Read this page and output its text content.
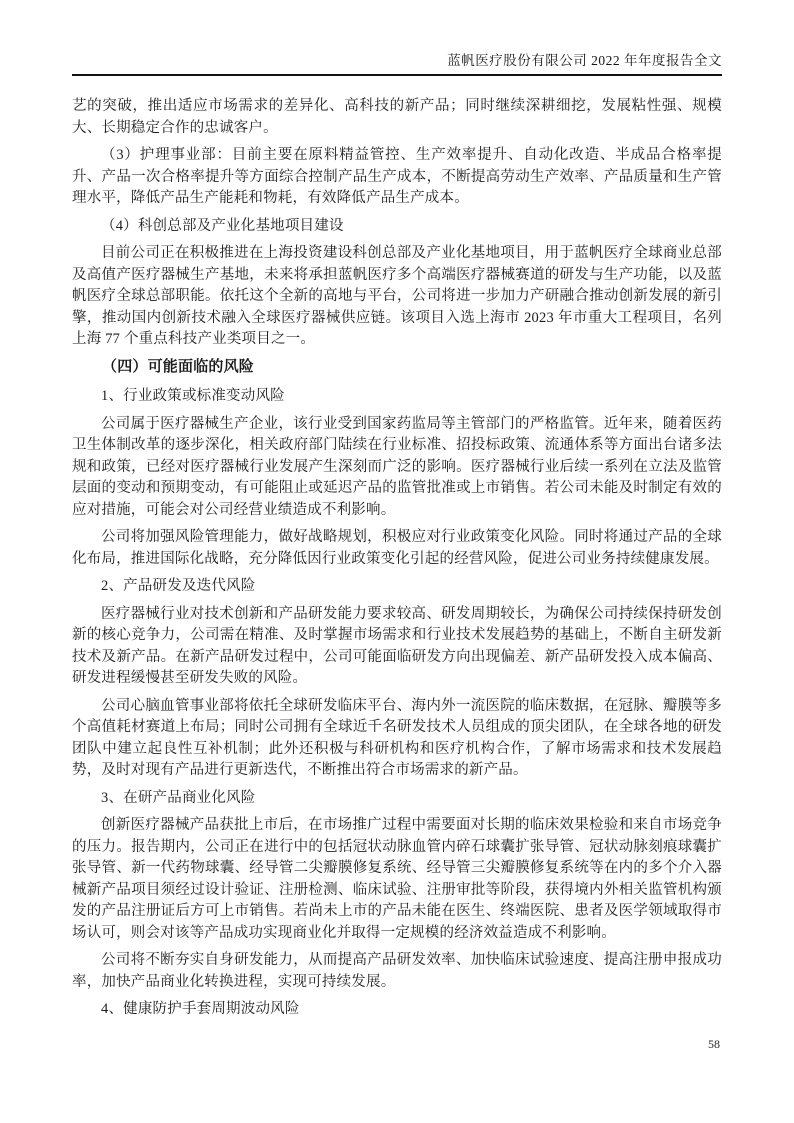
蓝帆医疗股份有限公司 2022 年年度报告全文

艺的突破，推出适应市场需求的差异化、高科技的新产品；同时继续深耕细挖，发展粘性强、规模大、长期稳定合作的忠诚客户。

（3）护理事业部：目前主要在原料精益管控、生产效率提升、自动化改造、半成品合格率提升、产品一次合格率提升等方面综合控制产品生产成本，不断提高劳动生产效率、产品质量和生产管理水平，降低产品生产能耗和物耗，有效降低产品生产成本。

（4）科创总部及产业化基地项目建设

目前公司正在积极推进在上海投资建设科创总部及产业化基地项目，用于蓝帆医疗全球商业总部及高值产医疗器械生产基地，未来将承担蓝帆医疗多个高端医疗器械赛道的研发与生产功能，以及蓝帆医疗全球总部职能。依托这个全新的高地与平台，公司将进一步加力产研融合推动创新发展的新引擎，推动国内创新技术融入全球医疗器械供应链。该项目入选上海市 2023 年市重大工程项目，名列上海 77 个重点科技产业类项目之一。

（四）可能面临的风险

1、行业政策或标准变动风险

公司属于医疗器械生产企业，该行业受到国家药监局等主管部门的严格监管。近年来，随着医药卫生体制改革的逐步深化，相关政府部门陆续在行业标准、招投标政策、流通体系等方面出台诸多法规和政策，已经对医疗器械行业发展产生深刻而广泛的影响。医疗器械行业后续一系列在立法及监管层面的变动和预期变动，有可能阻止或延迟产品的监管批准或上市销售。若公司未能及时制定有效的应对措施，可能会对公司经营业绩造成不利影响。

公司将加强风险管理能力，做好战略规划，积极应对行业政策变化风险。同时将通过产品的全球化布局，推进国际化战略，充分降低因行业政策变化引起的经营风险，促进公司业务持续健康发展。

2、产品研发及迭代风险

医疗器械行业对技术创新和产品研发能力要求较高、研发周期较长，为确保公司持续保持研发创新的核心竞争力，公司需在精准、及时掌握市场需求和行业技术发展趋势的基础上，不断自主研发新技术及新产品。在新产品研发过程中，公司可能面临研发方向出现偏差、新产品研发投入成本偏高、研发进程缓慢甚至研发失败的风险。

公司心脑血管事业部将依托全球研发临床平台、海内外一流医院的临床数据，在冠脉、瓣膜等多个高值耗材赛道上布局；同时公司拥有全球近千名研发技术人员组成的顶尖团队，在全球各地的研发团队中建立起良性互补机制；此外还积极与科研机构和医疗机构合作，了解市场需求和技术发展趋势，及时对现有产品进行更新迭代，不断推出符合市场需求的新产品。

3、在研产品商业化风险

创新医疗器械产品获批上市后，在市场推广过程中需要面对长期的临床效果检验和来自市场竞争的压力。报告期内，公司正在进行中的包括冠状动脉血管内碎石球囊扩张导管、冠状动脉刻痕球囊扩张导管、新一代药物球囊、经导管二尖瓣膜修复系统、经导管三尖瓣膜修复系统等在内的多个介入器械新产品项目须经过设计验证、注册检测、临床试验、注册审批等阶段，获得境内外相关监管机构颁发的产品注册证后方可上市销售。若尚未上市的产品未能在医生、终端医院、患者及医学领域取得市场认可，则会对该等产品成功实现商业化并取得一定规模的经济效益造成不利影响。

公司将不断夯实自身研发能力，从而提高产品研发效率、加快临床试验速度、提高注册申报成功率，加快产品商业化转换进程，实现可持续发展。

4、健康防护手套周期波动风险

58
